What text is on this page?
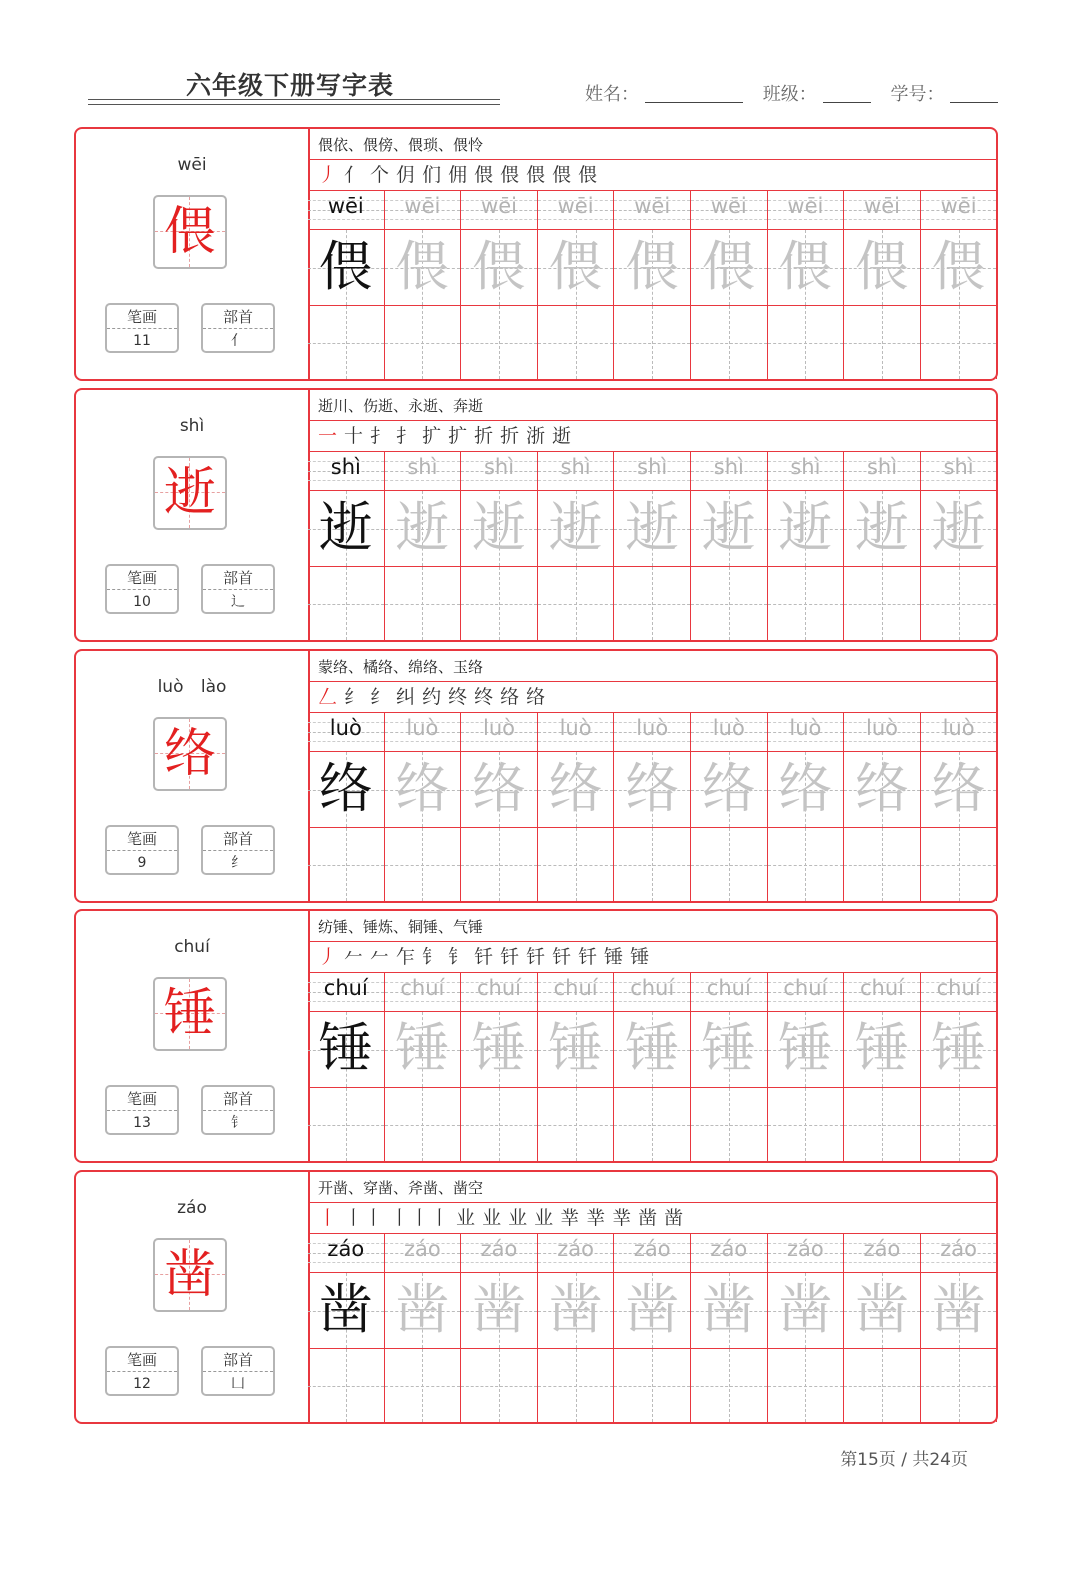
六年级下册写字表	姓名：	班级：	学号：
wēi
偎
笔画
11
部首
亻
偎依、偎傍、偎琐、偎怜
丿 亻 个 仴 们 佣 偎 偎 偎 偎 偎
wēi
偎
wēi
偎
wēi
偎
wēi
偎
wēi
偎
wēi
偎
wēi
偎
wēi
偎
wēi
偎
shì
逝
笔画
10
部首
辶
逝川、伤逝、永逝、奔逝
一 十 扌 扌 扩 扩 折 折 浙 逝
shì
逝
shì
逝
shì
逝
shì
逝
shì
逝
shì
逝
shì
逝
shì
逝
shì
逝
luò lào
络
笔画
9
部首
纟
蒙络、橘络、绵络、玉络
𠃋 纟 纟 纠 约 终 终 络 络
luò
络
luò
络
luò
络
luò
络
luò
络
luò
络
luò
络
luò
络
luò
络
chuí
锤
笔画
13
部首
钅
纺锤、锤炼、铜锤、气锤
丿 𠂉 𠂉 乍 钅 钅 钎 钎 钎 钎 钎 锤 锤
chuí
锤
chuí
锤
chuí
锤
chuí
锤
chuí
锤
chuí
锤
chuí
锤
chuí
锤
chuí
锤
záo
凿
笔画
12
部首
凵
开凿、穿凿、斧凿、凿空
丨 丨丨 丨丨丨 业 业 业 业 丵 丵 丵 凿 凿
záo
凿
záo
凿
záo
凿
záo
凿
záo
凿
záo
凿
záo
凿
záo
凿
záo
凿
第15页 / 共24页
